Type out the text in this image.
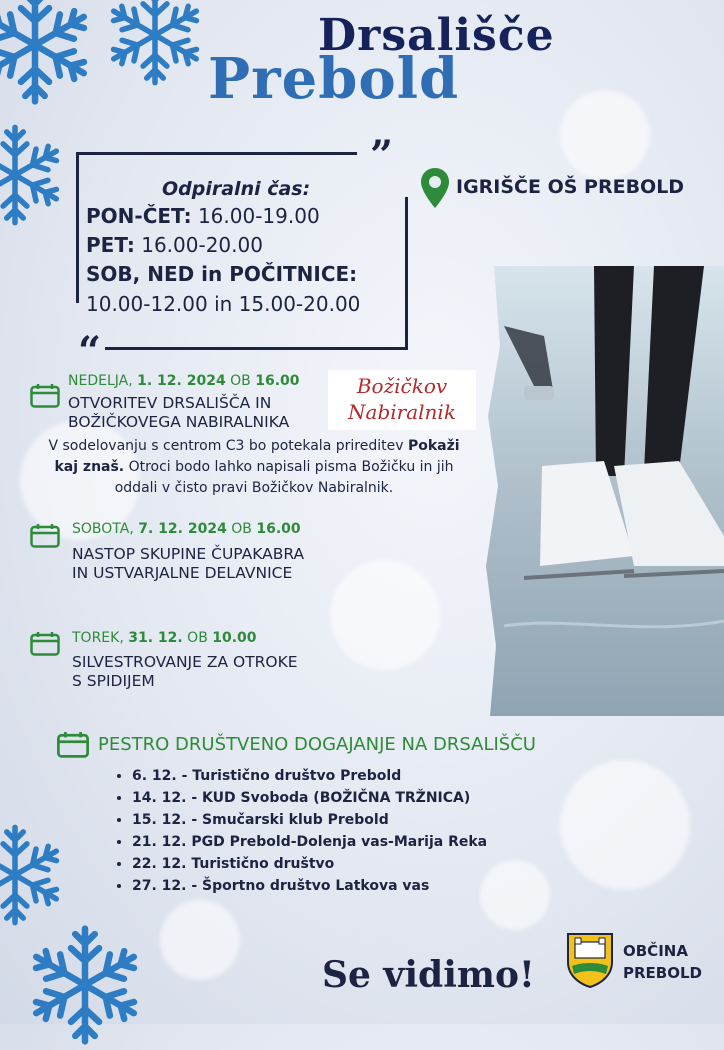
Drsališče
Prebold
”
“
Odpiralni čas:
PON-ČET: 16.00-19.00
PET: 16.00-20.00
SOB, NED in POČITNICE:
10.00-12.00 in 15.00-20.00
IGRIŠČE OŠ PREBOLD
Božičkov
Nabiralnik
NEDELJA, 1. 12. 2024 OB 16.00
OTVORITEV DRSALIŠČA IN
BOŽIČKOVEGA NABIRALNIKA
V sodelovanju s centrom C3 bo potekala prireditev Pokaži kaj znaš. Otroci bodo lahko napisali pisma Božičku in jih oddali v čisto pravi Božičkov Nabiralnik.
SOBOTA, 7. 12. 2024 OB 16.00
NASTOP SKUPINE ČUPAKABRA
IN USTVARJALNE DELAVNICE
TOREK, 31. 12. OB 10.00
SILVESTROVANJE ZA OTROKE
S SPIDIJEM
PESTRO DRUŠTVENO DOGAJANJE NA DRSALIŠČU
• 6. 12. - Turistično društvo Prebold
• 14. 12. - KUD Svoboda (BOŽIČNA TRŽNICA)
• 15. 12. - Smučarski klub Prebold
• 21. 12. PGD Prebold-Dolenja vas-Marija Reka
• 22. 12. Turistično društvo
• 27. 12. - Športno društvo Latkova vas
Se vidimo!
OBČINA
PREBOLD
